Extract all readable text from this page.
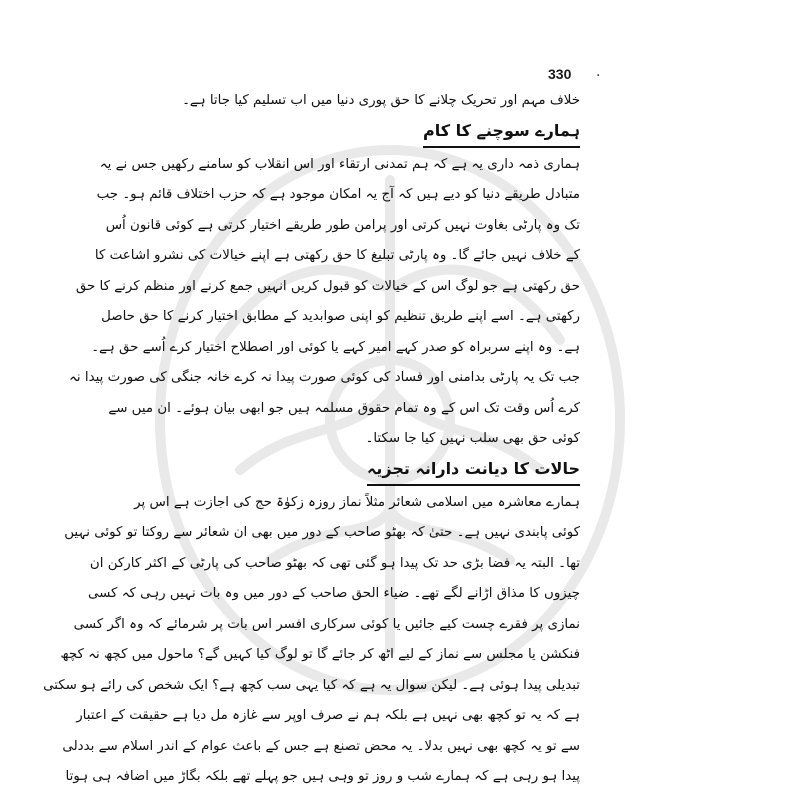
330 ·
خلاف مہم اور تحریک چلانے کا حق پوری دنیا میں اب تسلیم کیا جاتا ہے۔
ہمارے سوچنے کا کام
ہماری ذمہ داری یہ ہے کہ ہم تمدنی ارتقاء اور اس انقلاب کو سامنے رکھیں جس نے یہ
متبادل طریقے دنیا کو دیے ہیں کہ آج یہ امکان موجود ہے کہ حزب اختلاف قائم ہو۔ جب
تک وہ پارٹی بغاوت نہیں کرتی اور پرامن طور طریقے اختیار کرتی ہے کوئی قانون اُس
کے خلاف نہیں جائے گا۔ وہ پارٹی تبلیغ کا حق رکھتی ہے اپنے خیالات کی نشرو اشاعت کا
حق رکھتی ہے جو لوگ اس کے خیالات کو قبول کریں انہیں جمع کرنے اور منظم کرنے کا حق
رکھتی ہے۔ اسے اپنے طریق تنظیم کو اپنی صوابدید کے مطابق اختیار کرنے کا حق حاصل
ہے۔ وہ اپنے سربراہ کو صدر کہے امیر کہے یا کوئی اور اصطلاح اختیار کرے اُسے حق ہے۔
جب تک یہ پارٹی بدامنی اور فساد کی کوئی صورت پیدا نہ کرے خانہ جنگی کی صورت پیدا نہ
کرے اُس وقت تک اس کے وہ تمام حقوق مسلمہ ہیں جو ابھی بیان ہوئے۔ ان میں سے
کوئی حق بھی سلب نہیں کیا جا سکتا۔
حالات کا دیانت دارانہ تجزیہ
ہمارے معاشرہ میں اسلامی شعائر مثلاً نماز روزہ زکوٰۃ حج کی اجازت ہے اس پر
کوئی پابندی نہیں ہے۔ حتیٰ کہ بھٹو صاحب کے دور میں بھی ان شعائر سے روکتا تو کوئی نہیں
تھا۔ البتہ یہ فضا بڑی حد تک پیدا ہو گئی تھی کہ بھٹو صاحب کی پارٹی کے اکثر کارکن ان
چیزوں کا مذاق اڑانے لگے تھے۔ ضیاء الحق صاحب کے دور میں وہ بات نہیں رہی کہ کسی
نمازی پر فقرے چست کیے جائیں یا کوئی سرکاری افسر اس بات پر شرمائے کہ وہ اگر کسی
فنکشن یا مجلس سے نماز کے لیے اٹھ کر جائے گا تو لوگ کیا کہیں گے؟ ماحول میں کچھ نہ کچھ
تبدیلی پیدا ہوئی ہے۔ لیکن سوال یہ ہے کہ کیا یہی سب کچھ ہے؟ ایک شخص کی رائے ہو سکتی
ہے کہ یہ تو کچھ بھی نہیں ہے بلکہ ہم نے صرف اوپر سے غازہ مل دیا ہے حقیقت کے اعتبار
سے تو یہ کچھ بھی نہیں بدلا۔ یہ محض تصنع ہے جس کے باعث عوام کے اندر اسلام سے بددلی
پیدا ہو رہی ہے کہ ہمارے شب و روز تو وہی ہیں جو پہلے تھے بلکہ بگاڑ میں اضافہ ہی ہوتا
